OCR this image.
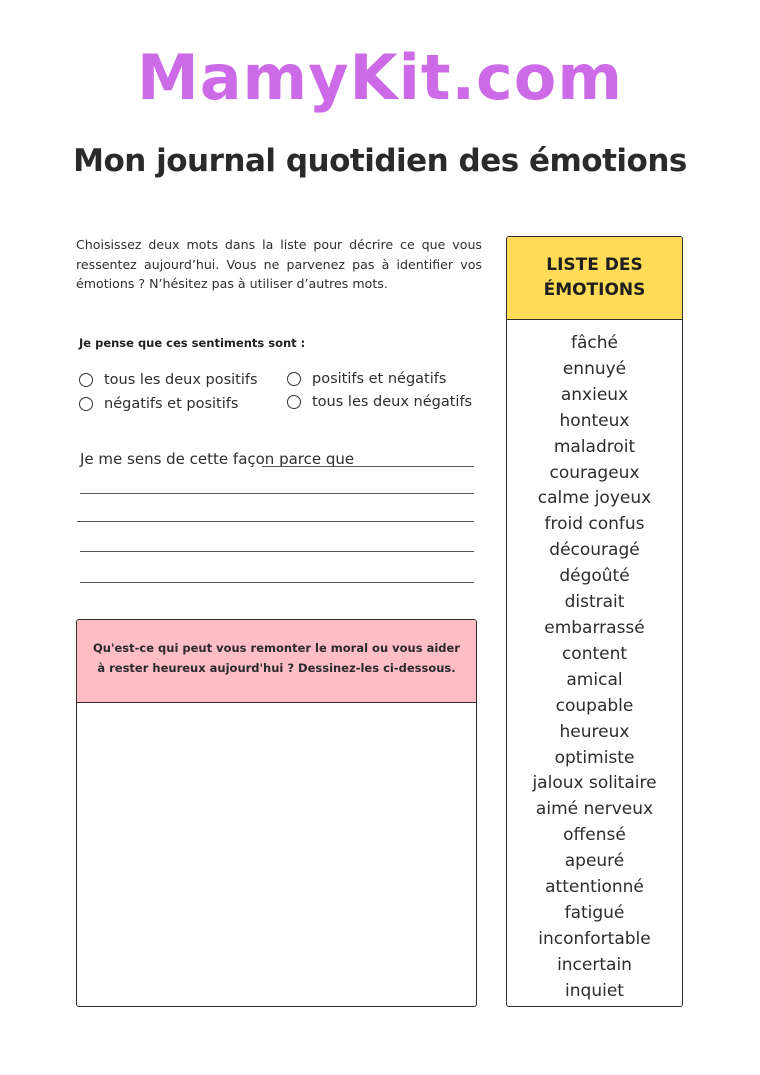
MamyKit.com
Mon journal quotidien des émotions
Choisissez deux mots dans la liste pour décrire ce que vous
ressentez aujourd’hui. Vous ne parvenez pas à identifier vos
émotions ? N’hésitez pas à utiliser d’autres mots.
Je pense que ces sentiments sont :
tous les deux positifs	positifs et négatifs
négatifs et positifs	tous les deux négatifs
Je me sens de cette façon parce que
Qu'est-ce qui peut vous remonter le moral ou vous aider
à rester heureux aujourd'hui ? Dessinez-les ci-dessous.
LISTE DES
ÉMOTIONS
fâché
ennuyé
anxieux
honteux
maladroit
courageux
calme joyeux
froid confus
découragé
dégoûté
distrait
embarrassé
content
amical
coupable
heureux
optimiste
jaloux solitaire
aimé nerveux
offensé
apeuré
attentionné
fatigué
inconfortable
incertain
inquiet
